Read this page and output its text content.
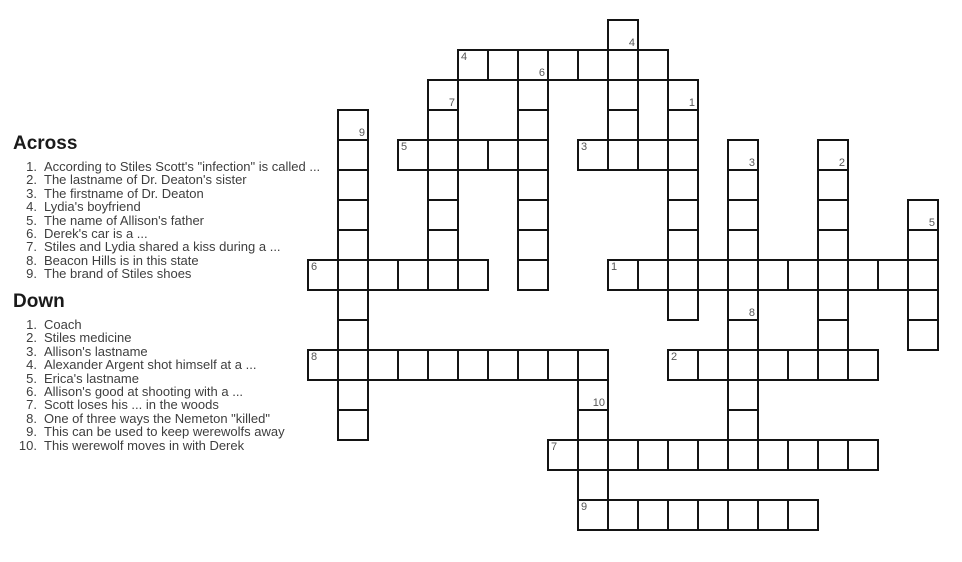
Across
1. According to Stiles Scott's "infection" is called ...
2. The lastname of Dr. Deaton's sister
3. The firstname of Dr. Deaton
4. Lydia's boyfriend
5. The name of Allison's father
6. Derek's car is a ...
7. Stiles and Lydia shared a kiss during a ...
8. Beacon Hills is in this state
9. The brand of Stiles shoes
Down
1. Coach
2. Stiles medicine
3. Allison's lastname
4. Alexander Argent shot himself at a ...
5. Erica's lastname
6. Allison's good at shooting with a ...
7. Scott loses his ... in the woods
8. One of three ways the Nemeton "killed"
9. This can be used to keep werewolfs away
10. This werewolf moves in with Derek
1
2
3
4
5
6
7
8
9
1
2
3
4
5
6
7
8
9
10
